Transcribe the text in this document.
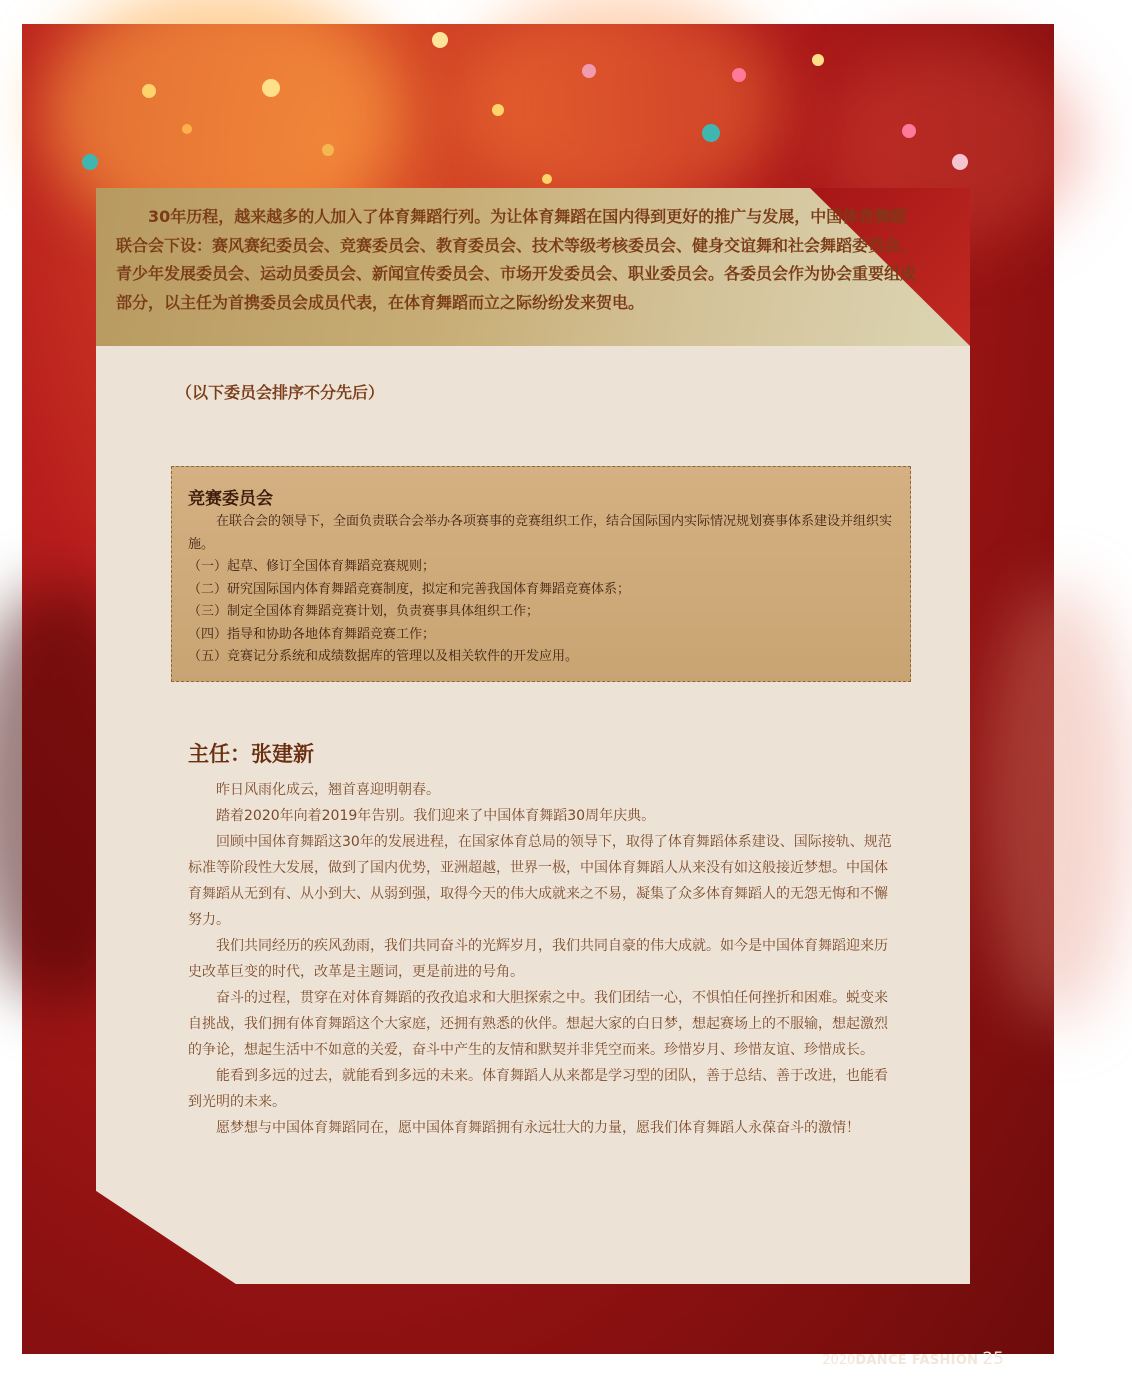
2020DANCE FASHION 25

30年历程，越来越多的人加入了体育舞蹈行列。为让体育舞蹈在国内得到更好的推广与发展，中国体育舞蹈联合会下设：赛风赛纪委员会、竞赛委员会、教育委员会、技术等级考核委员会、健身交谊舞和社会舞蹈委员会、青少年发展委员会、运动员委员会、新闻宣传委员会、市场开发委员会、职业委员会。各委员会作为协会重要组成部分，以主任为首携委员会成员代表，在体育舞蹈而立之际纷纷发来贺电。

（以下委员会排序不分先后）

竞赛委员会

在联合会的领导下，全面负责联合会举办各项赛事的竞赛组织工作，结合国际国内实际情况规划赛事体系建设并组织实施。
（一）起草、修订全国体育舞蹈竞赛规则；
（二）研究国际国内体育舞蹈竞赛制度，拟定和完善我国体育舞蹈竞赛体系；
（三）制定全国体育舞蹈竞赛计划，负责赛事具体组织工作；
（四）指导和协助各地体育舞蹈竞赛工作；
（五）竞赛记分系统和成绩数据库的管理以及相关软件的开发应用。

主任：张建新

昨日风雨化成云，翘首喜迎明朝春。

踏着2020年向着2019年告别。我们迎来了中国体育舞蹈30周年庆典。

回顾中国体育舞蹈这30年的发展进程，在国家体育总局的领导下，取得了体育舞蹈体系建设、国际接轨、规范标准等阶段性大发展，做到了国内优势，亚洲超越，世界一极，中国体育舞蹈人从来没有如这般接近梦想。中国体育舞蹈从无到有、从小到大、从弱到强，取得今天的伟大成就来之不易，凝集了众多体育舞蹈人的无怨无悔和不懈努力。

我们共同经历的疾风劲雨，我们共同奋斗的光辉岁月，我们共同自豪的伟大成就。如今是中国体育舞蹈迎来历史改革巨变的时代，改革是主题词，更是前进的号角。

奋斗的过程，贯穿在对体育舞蹈的孜孜追求和大胆探索之中。我们团结一心，不惧怕任何挫折和困难。蜕变来自挑战，我们拥有体育舞蹈这个大家庭，还拥有熟悉的伙伴。想起大家的白日梦，想起赛场上的不服输，想起激烈的争论，想起生活中不如意的关爱，奋斗中产生的友情和默契并非凭空而来。珍惜岁月、珍惜友谊、珍惜成长。

能看到多远的过去，就能看到多远的未来。体育舞蹈人从来都是学习型的团队，善于总结、善于改进，也能看到光明的未来。

愿梦想与中国体育舞蹈同在，愿中国体育舞蹈拥有永远壮大的力量，愿我们体育舞蹈人永葆奋斗的激情！
